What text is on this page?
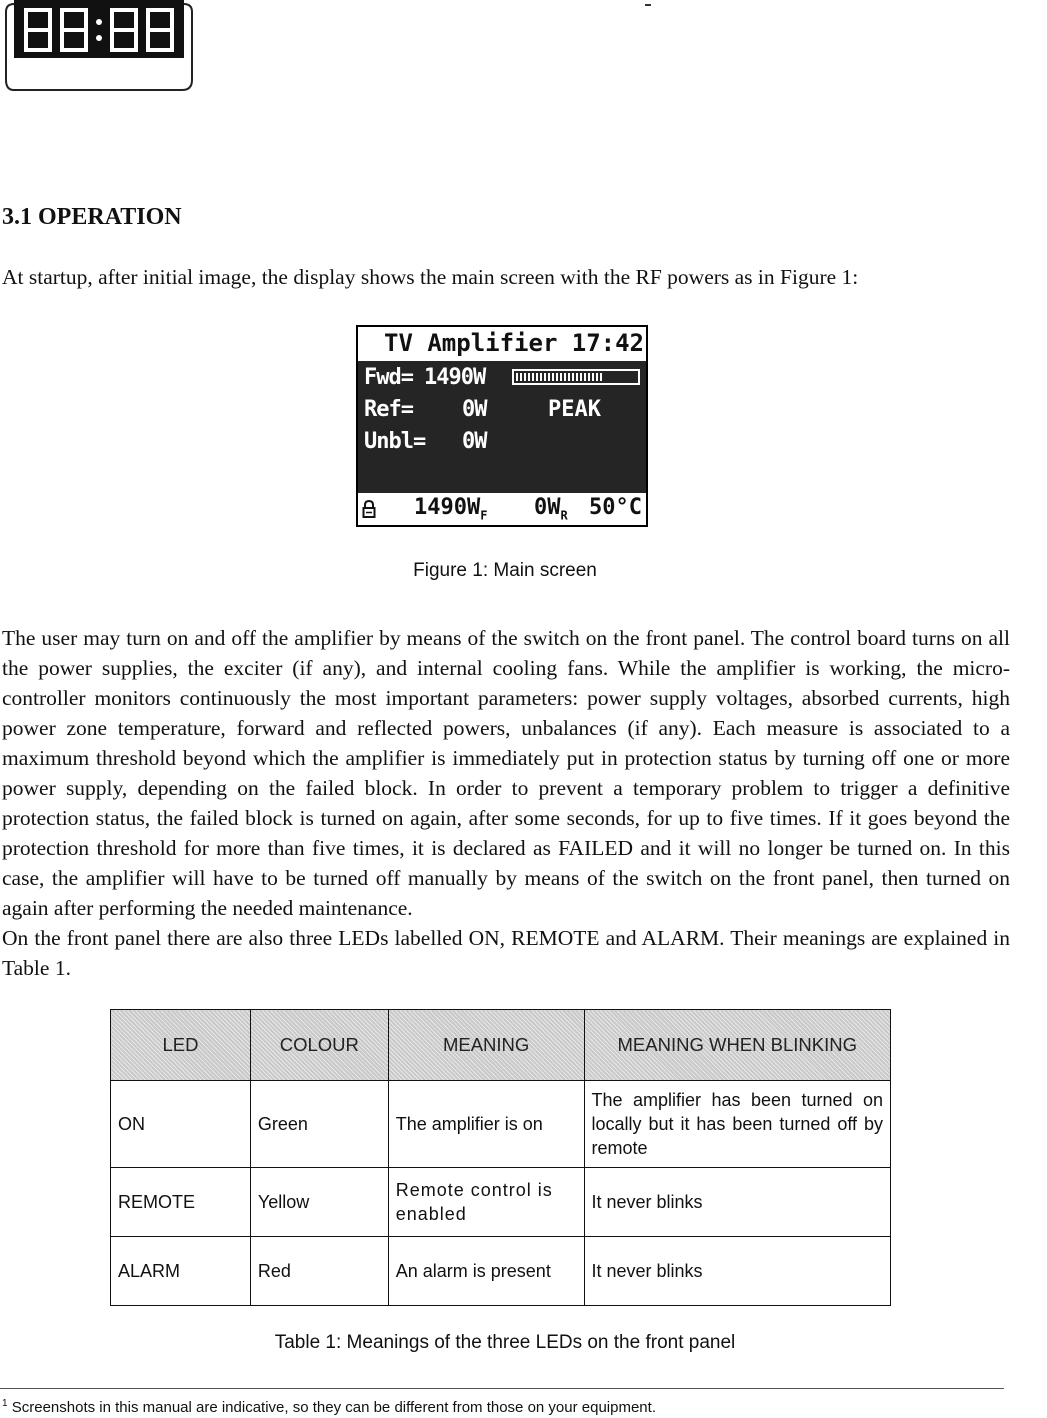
3.1 OPERATION

At startup, after initial image, the display shows the main screen with the RF powers as in Figure 1:

TV Amplifier 17:42
Fwd= 1490W
Ref= 0W	PEAK
Unbl= 0W
$1490W_F$ $0W_R$ 50°C
Figure 1: Main screen

The user may turn on and off the amplifier by means of the switch on the front panel. The control board turns on all the power supplies, the exciter (if any), and internal cooling fans. While the amplifier is working, the micro-controller monitors continuously the most important parameters: power supply voltages, absorbed currents, high power zone temperature, forward and reflected powers, unbalances (if any). Each measure is associated to a maximum threshold beyond which the amplifier is immediately put in protection status by turning off one or more power supply, depending on the failed block. In order to prevent a temporary problem to trigger a definitive protection status, the failed block is turned on again, after some seconds, for up to five times. If it goes beyond the protection threshold for more than five times, it is declared as FAILED and it will no longer be turned on. In this case, the amplifier will have to be turned off manually by means of the switch on the front panel, then turned on again after performing the needed maintenance.
On the front panel there are also three LEDs labelled ON, REMOTE and ALARM. Their meanings are explained in Table 1.

LED	COLOUR	MEANING	MEANING WHEN BLINKING
ON	Green	The amplifier is on	The amplifier has been turned on locally but it has been turned off by remote
REMOTE	Yellow	Remote control is enabled	It never blinks
ALARM	Red	An alarm is present	It never blinks
Table 1: Meanings of the three LEDs on the front panel
$^1$ Screenshots in this manual are indicative, so they can be different from those on your equipment.
